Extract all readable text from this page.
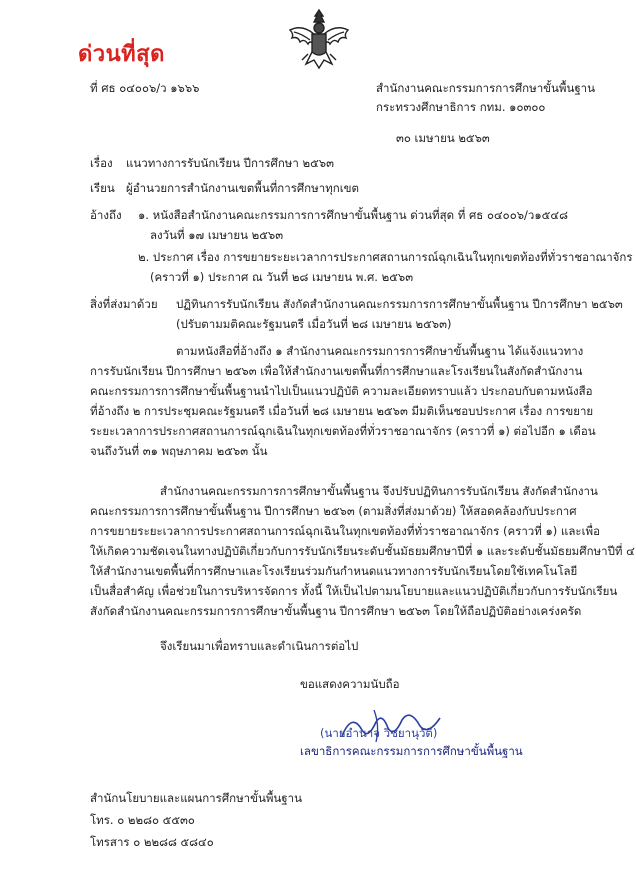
ด่วนที่สุด
ที่ ศธ ๐๔๐๐๖/ว ๑๖๖๖	สำนักงานคณะกรรมการการศึกษาขั้นพื้นฐาน
กระทรวงศึกษาธิการ กทม. ๑๐๓๐๐
๓๐ เมษายน ๒๕๖๓
เรื่อง แนวทางการรับนักเรียน ปีการศึกษา ๒๕๖๓
เรียน ผู้อำนวยการสำนักงานเขตพื้นที่การศึกษาทุกเขต
อ้างถึง ๑. หนังสือสำนักงานคณะกรรมการการศึกษาขั้นพื้นฐาน ด่วนที่สุด ที่ ศธ ๐๔๐๐๖/ว๑๕๔๘
ลงวันที่ ๑๗ เมษายน ๒๕๖๓
๒. ประกาศ เรื่อง การขยายระยะเวลาการประกาศสถานการณ์ฉุกเฉินในทุกเขตท้องที่ทั่วราชอาณาจักร
(คราวที่ ๑) ประกาศ ณ วันที่ ๒๘ เมษายน พ.ศ. ๒๕๖๓
สิ่งที่ส่งมาด้วย ปฏิทินการรับนักเรียน สังกัดสำนักงานคณะกรรมการการศึกษาขั้นพื้นฐาน ปีการศึกษา ๒๕๖๓
(ปรับตามมติคณะรัฐมนตรี เมื่อวันที่ ๒๘ เมษายน ๒๕๖๓)
ตามหนังสือที่อ้างถึง ๑ สำนักงานคณะกรรมการการศึกษาขั้นพื้นฐาน ได้แจ้งแนวทาง
การรับนักเรียน ปีการศึกษา ๒๕๖๓ เพื่อให้สำนักงานเขตพื้นที่การศึกษาและโรงเรียนในสังกัดสำนักงาน
คณะกรรมการการศึกษาขั้นพื้นฐานนำไปเป็นแนวปฏิบัติ ความละเอียดทราบแล้ว ประกอบกับตามหนังสือ
ที่อ้างถึง ๒ การประชุมคณะรัฐมนตรี เมื่อวันที่ ๒๘ เมษายน ๒๕๖๓ มีมติเห็นชอบประกาศ เรื่อง การขยาย
ระยะเวลาการประกาศสถานการณ์ฉุกเฉินในทุกเขตท้องที่ทั่วราชอาณาจักร (คราวที่ ๑) ต่อไปอีก ๑ เดือน
จนถึงวันที่ ๓๑ พฤษภาคม ๒๕๖๓ นั้น
สำนักงานคณะกรรมการการศึกษาขั้นพื้นฐาน จึงปรับปฏิทินการรับนักเรียน สังกัดสำนักงาน
คณะกรรมการการศึกษาขั้นพื้นฐาน ปีการศึกษา ๒๕๖๓ (ตามสิ่งที่ส่งมาด้วย) ให้สอดคล้องกับประกาศ
การขยายระยะเวลาการประกาศสถานการณ์ฉุกเฉินในทุกเขตท้องที่ทั่วราชอาณาจักร (คราวที่ ๑) และเพื่อ
ให้เกิดความชัดเจนในทางปฏิบัติเกี่ยวกับการรับนักเรียนระดับชั้นมัธยมศึกษาปีที่ ๑ และระดับชั้นมัธยมศึกษาปีที่ ๔
ให้สำนักงานเขตพื้นที่การศึกษาและโรงเรียนร่วมกันกำหนดแนวทางการรับนักเรียนโดยใช้เทคโนโลยี
เป็นสื่อสำคัญ เพื่อช่วยในการบริหารจัดการ ทั้งนี้ ให้เป็นไปตามนโยบายและแนวปฏิบัติเกี่ยวกับการรับนักเรียน
สังกัดสำนักงานคณะกรรมการการศึกษาขั้นพื้นฐาน ปีการศึกษา ๒๕๖๓ โดยให้ถือปฏิบัติอย่างเคร่งครัด
จึงเรียนมาเพื่อทราบและดำเนินการต่อไป
ขอแสดงความนับถือ
(นายอำนาจ วิชยานุวัติ)
เลขาธิการคณะกรรมการการศึกษาขั้นพื้นฐาน
สำนักนโยบายและแผนการศึกษาขั้นพื้นฐาน
โทร. ๐ ๒๒๘๐ ๕๕๓๐
โทรสาร ๐ ๒๒๘๘ ๕๘๔๐
